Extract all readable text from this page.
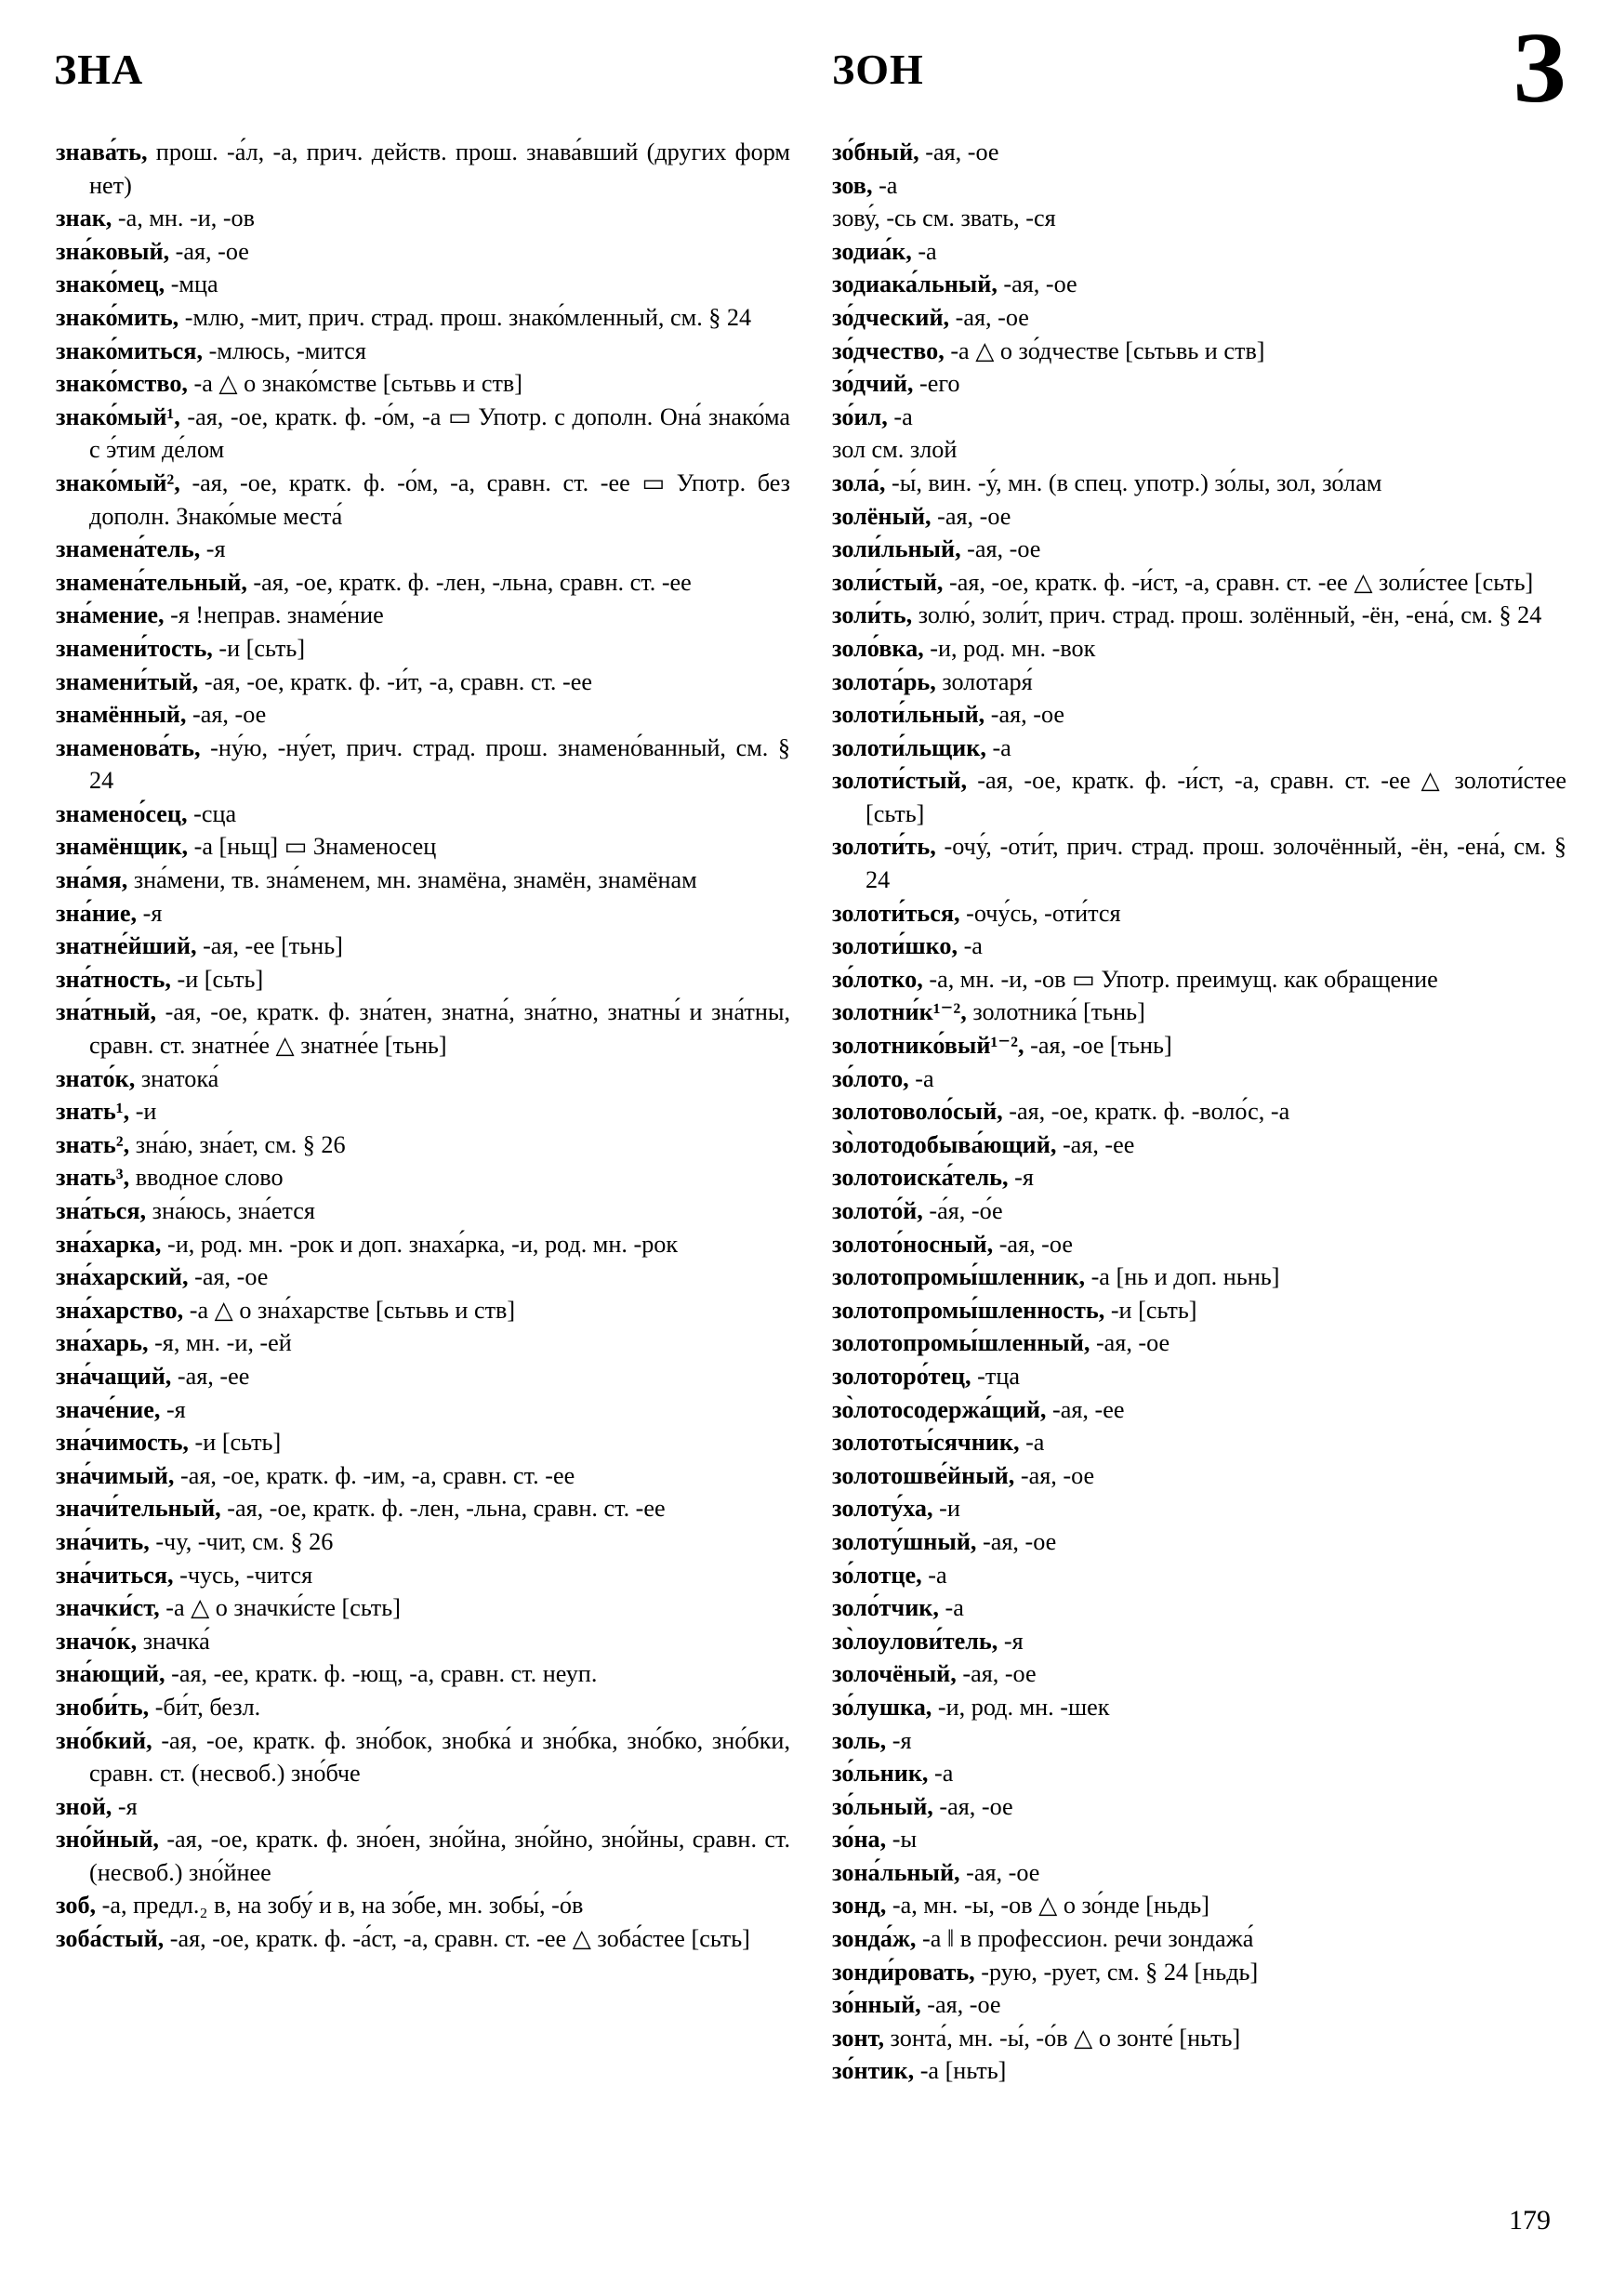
ЗНА	ЗОН	З

знава́ть, прош. -а́л, -а, прич. действ. прош. знава́вший (других форм нет)

знак, -а, мн. -и, -ов

зна́ковый, -ая, -ое

знако́мец, -мца

знако́мить, -млю, -мит, прич. страд. прош. знако́мленный, см. § 24

знако́миться, -млюсь, -мится

знако́мство, -а △ о знако́мстве [сьтьвь и ств]

знако́мый¹, -ая, -ое, кратк. ф. -о́м, -а ▭ Употр. с дополн. Она́ знако́ма с э́тим де́лом

знако́мый², -ая, -ое, кратк. ф. -о́м, -а, сравн. ст. -ее ▭ Употр. без дополн. Знако́мые места́

знамена́тель, -я

знамена́тельный, -ая, -ое, кратк. ф. -лен, -льна, сравн. ст. -ее

зна́мение, -я !неправ. знаме́ние

знамени́тость, -и [сьть]

знамени́тый, -ая, -ое, кратк. ф. -и́т, -а, сравн. ст. -ее

знамённый, -ая, -ое

знаменова́ть, -ну́ю, -ну́ет, прич. страд. прош. знамено́ванный, см. § 24

знамено́сец, -сца

знамёнщик, -а [ньщ] ▭ Знаменосец

зна́мя, зна́мени, тв. зна́менем, мн. знамёна, знамён, знамёнам

зна́ние, -я

знатне́йший, -ая, -ее [тьнь]

зна́тность, -и [сьть]

зна́тный, -ая, -ое, кратк. ф. зна́тен, знатна́, зна́тно, знатны́ и зна́тны, сравн. ст. знатне́е △ знатне́е [тьнь]

знато́к, знатока́

знать¹, -и

знать², зна́ю, зна́ет, см. § 26

знать³, вводное слово

зна́ться, зна́юсь, зна́ется

зна́харка, -и, род. мн. -рок и доп. знаха́рка, -и, род. мн. -рок

зна́харский, -ая, -ое

зна́харство, -а △ о зна́харстве [сьтьвь и ств]

зна́харь, -я, мн. -и, -ей

зна́чащий, -ая, -ее

значе́ние, -я

зна́чимость, -и [сьть]

зна́чимый, -ая, -ое, кратк. ф. -им, -а, сравн. ст. -ее

значи́тельный, -ая, -ое, кратк. ф. -лен, -льна, сравн. ст. -ее

зна́чить, -чу, -чит, см. § 26

зна́читься, -чусь, -чится

значки́ст, -а △ о значки́сте [сьть]

значо́к, значка́

зна́ющий, -ая, -ее, кратк. ф. -ющ, -а, сравн. ст. неуп.

зноби́ть, -би́т, безл.

зно́бкий, -ая, -ое, кратк. ф. зно́бок, знобка́ и зно́бка, зно́бко, зно́бки, сравн. ст. (несвоб.) зно́бче

зной, -я

зно́йный, -ая, -ое, кратк. ф. зно́ен, зно́йна, зно́йно, зно́йны, сравн. ст. (несвоб.) зно́йнее

зоб, -а, предл.₂ в, на зобу́ и в, на зо́бе, мн. зобы́, -о́в

зоба́стый, -ая, -ое, кратк. ф. -а́ст, -а, сравн. ст. -ее △ зоба́стее [сьть]

зо́бный, -ая, -ое

зов, -а

зову́, -сь см. звать, -ся

зодиа́к, -а

зодиака́льный, -ая, -ое

зо́дческий, -ая, -ое

зо́дчество, -а △ о зо́дчестве [сьтьвь и ств]

зо́дчий, -его

зо́ил, -а

зол см. злой

зола́, -ы́, вин. -у́, мн. (в спец. употр.) зо́лы, зол, зо́лам

золёный, -ая, -ое

золи́льный, -ая, -ое

золи́стый, -ая, -ое, кратк. ф. -и́ст, -а, сравн. ст. -ее △ золи́стее [сьть]

золи́ть, золю́, золи́т, прич. страд. прош. золённый, -ён, -ена́, см. § 24

золо́вка, -и, род. мн. -вок

золота́рь, золотаря́

золоти́льный, -ая, -ое

золоти́льщик, -а

золоти́стый, -ая, -ое, кратк. ф. -и́ст, -а, сравн. ст. -ее △ золоти́стее [сьть]

золоти́ть, -очу́, -оти́т, прич. страд. прош. золочённый, -ён, -ена́, см. § 24

золоти́ться, -очу́сь, -оти́тся

золоти́шко, -а

зо́лотко, -а, мн. -и, -ов ▭ Употр. преимущ. как обращение

золотни́к¹⁻², золотника́ [тьнь]

золотнико́вый¹⁻², -ая, -ое [тьнь]

зо́лото, -а

золотоволо́сый, -ая, -ое, кратк. ф. -воло́с, -а

зо̀лотодобыва́ющий, -ая, -ее

золотоиска́тель, -я

золото́й, -а́я, -о́е

золото́носный, -ая, -ое

золотопромы́шленник, -а [нь и доп. ньнь]

золотопромы́шленность, -и [сьть]

золотопромы́шленный, -ая, -ое

золоторо́тец, -тца

зо̀лотосодержа́щий, -ая, -ее

золототы́сячник, -а

золотошве́йный, -ая, -ое

золоту́ха, -и

золоту́шный, -ая, -ое

зо́лотце, -а

золо́тчик, -а

зо̀лоулови́тель, -я

золочёный, -ая, -ое

зо́лушка, -и, род. мн. -шек

золь, -я

зо́льник, -а

зо́льный, -ая, -ое

зо́на, -ы

зона́льный, -ая, -ое

зонд, -а, мн. -ы, -ов △ о зо́нде [ньдь]

зонда́ж, -а ‖ в профессион. речи зондажа́

зонди́ровать, -рую, -рует, см. § 24 [ньдь]

зо́нный, -ая, -ое

зонт, зонта́, мн. -ы́, -о́в △ о зонте́ [ньть]

зо́нтик, -а [ньть]

179
